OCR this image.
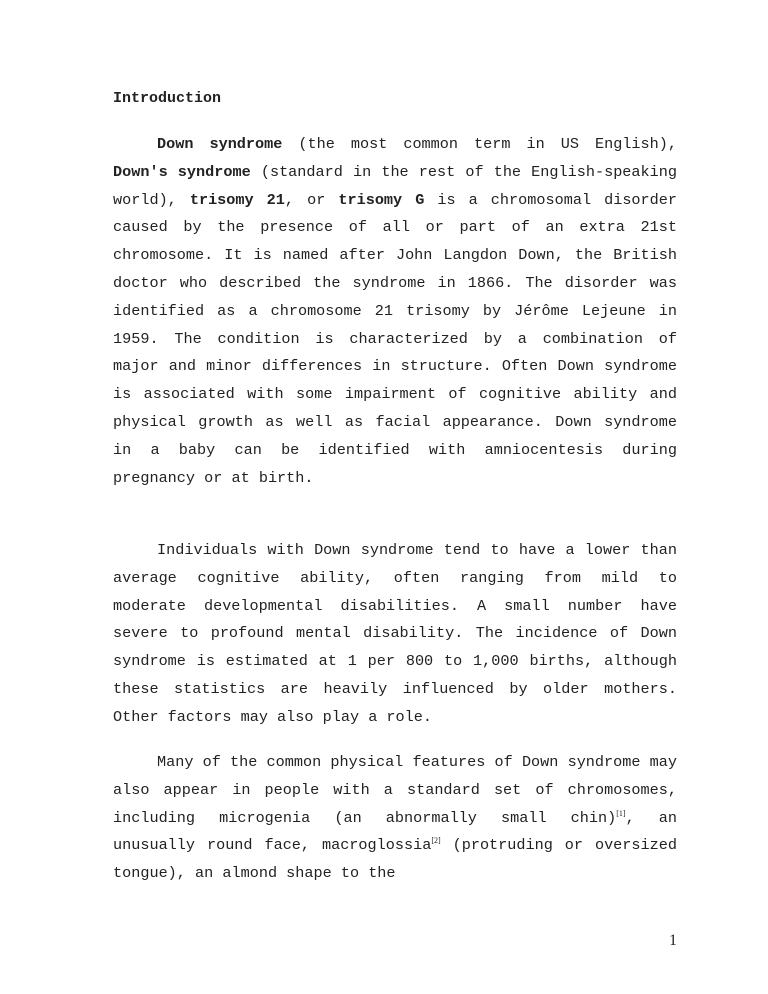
Introduction

Down syndrome (the most common term in US English), Down's syndrome (standard in the rest of the English-speaking world), trisomy 21, or trisomy G is a chromosomal disorder caused by the presence of all or part of an extra 21st chromosome. It is named after John Langdon Down, the British doctor who described the syndrome in 1866. The disorder was identified as a chromosome 21 trisomy by Jérôme Lejeune in 1959. The condition is characterized by a combination of major and minor differences in structure. Often Down syndrome is associated with some impairment of cognitive ability and physical growth as well as facial appearance. Down syndrome in a baby can be identified with amniocentesis during pregnancy or at birth.

Individuals with Down syndrome tend to have a lower than average cognitive ability, often ranging from mild to moderate developmental disabilities. A small number have severe to profound mental disability. The incidence of Down syndrome is estimated at 1 per 800 to 1,000 births, although these statistics are heavily influenced by older mothers. Other factors may also play a role.

Many of the common physical features of Down syndrome may also appear in people with a standard set of chromosomes, including microgenia (an abnormally small chin)[1], an unusually round face, macroglossia[2] (protruding or oversized tongue), an almond shape to the

1
